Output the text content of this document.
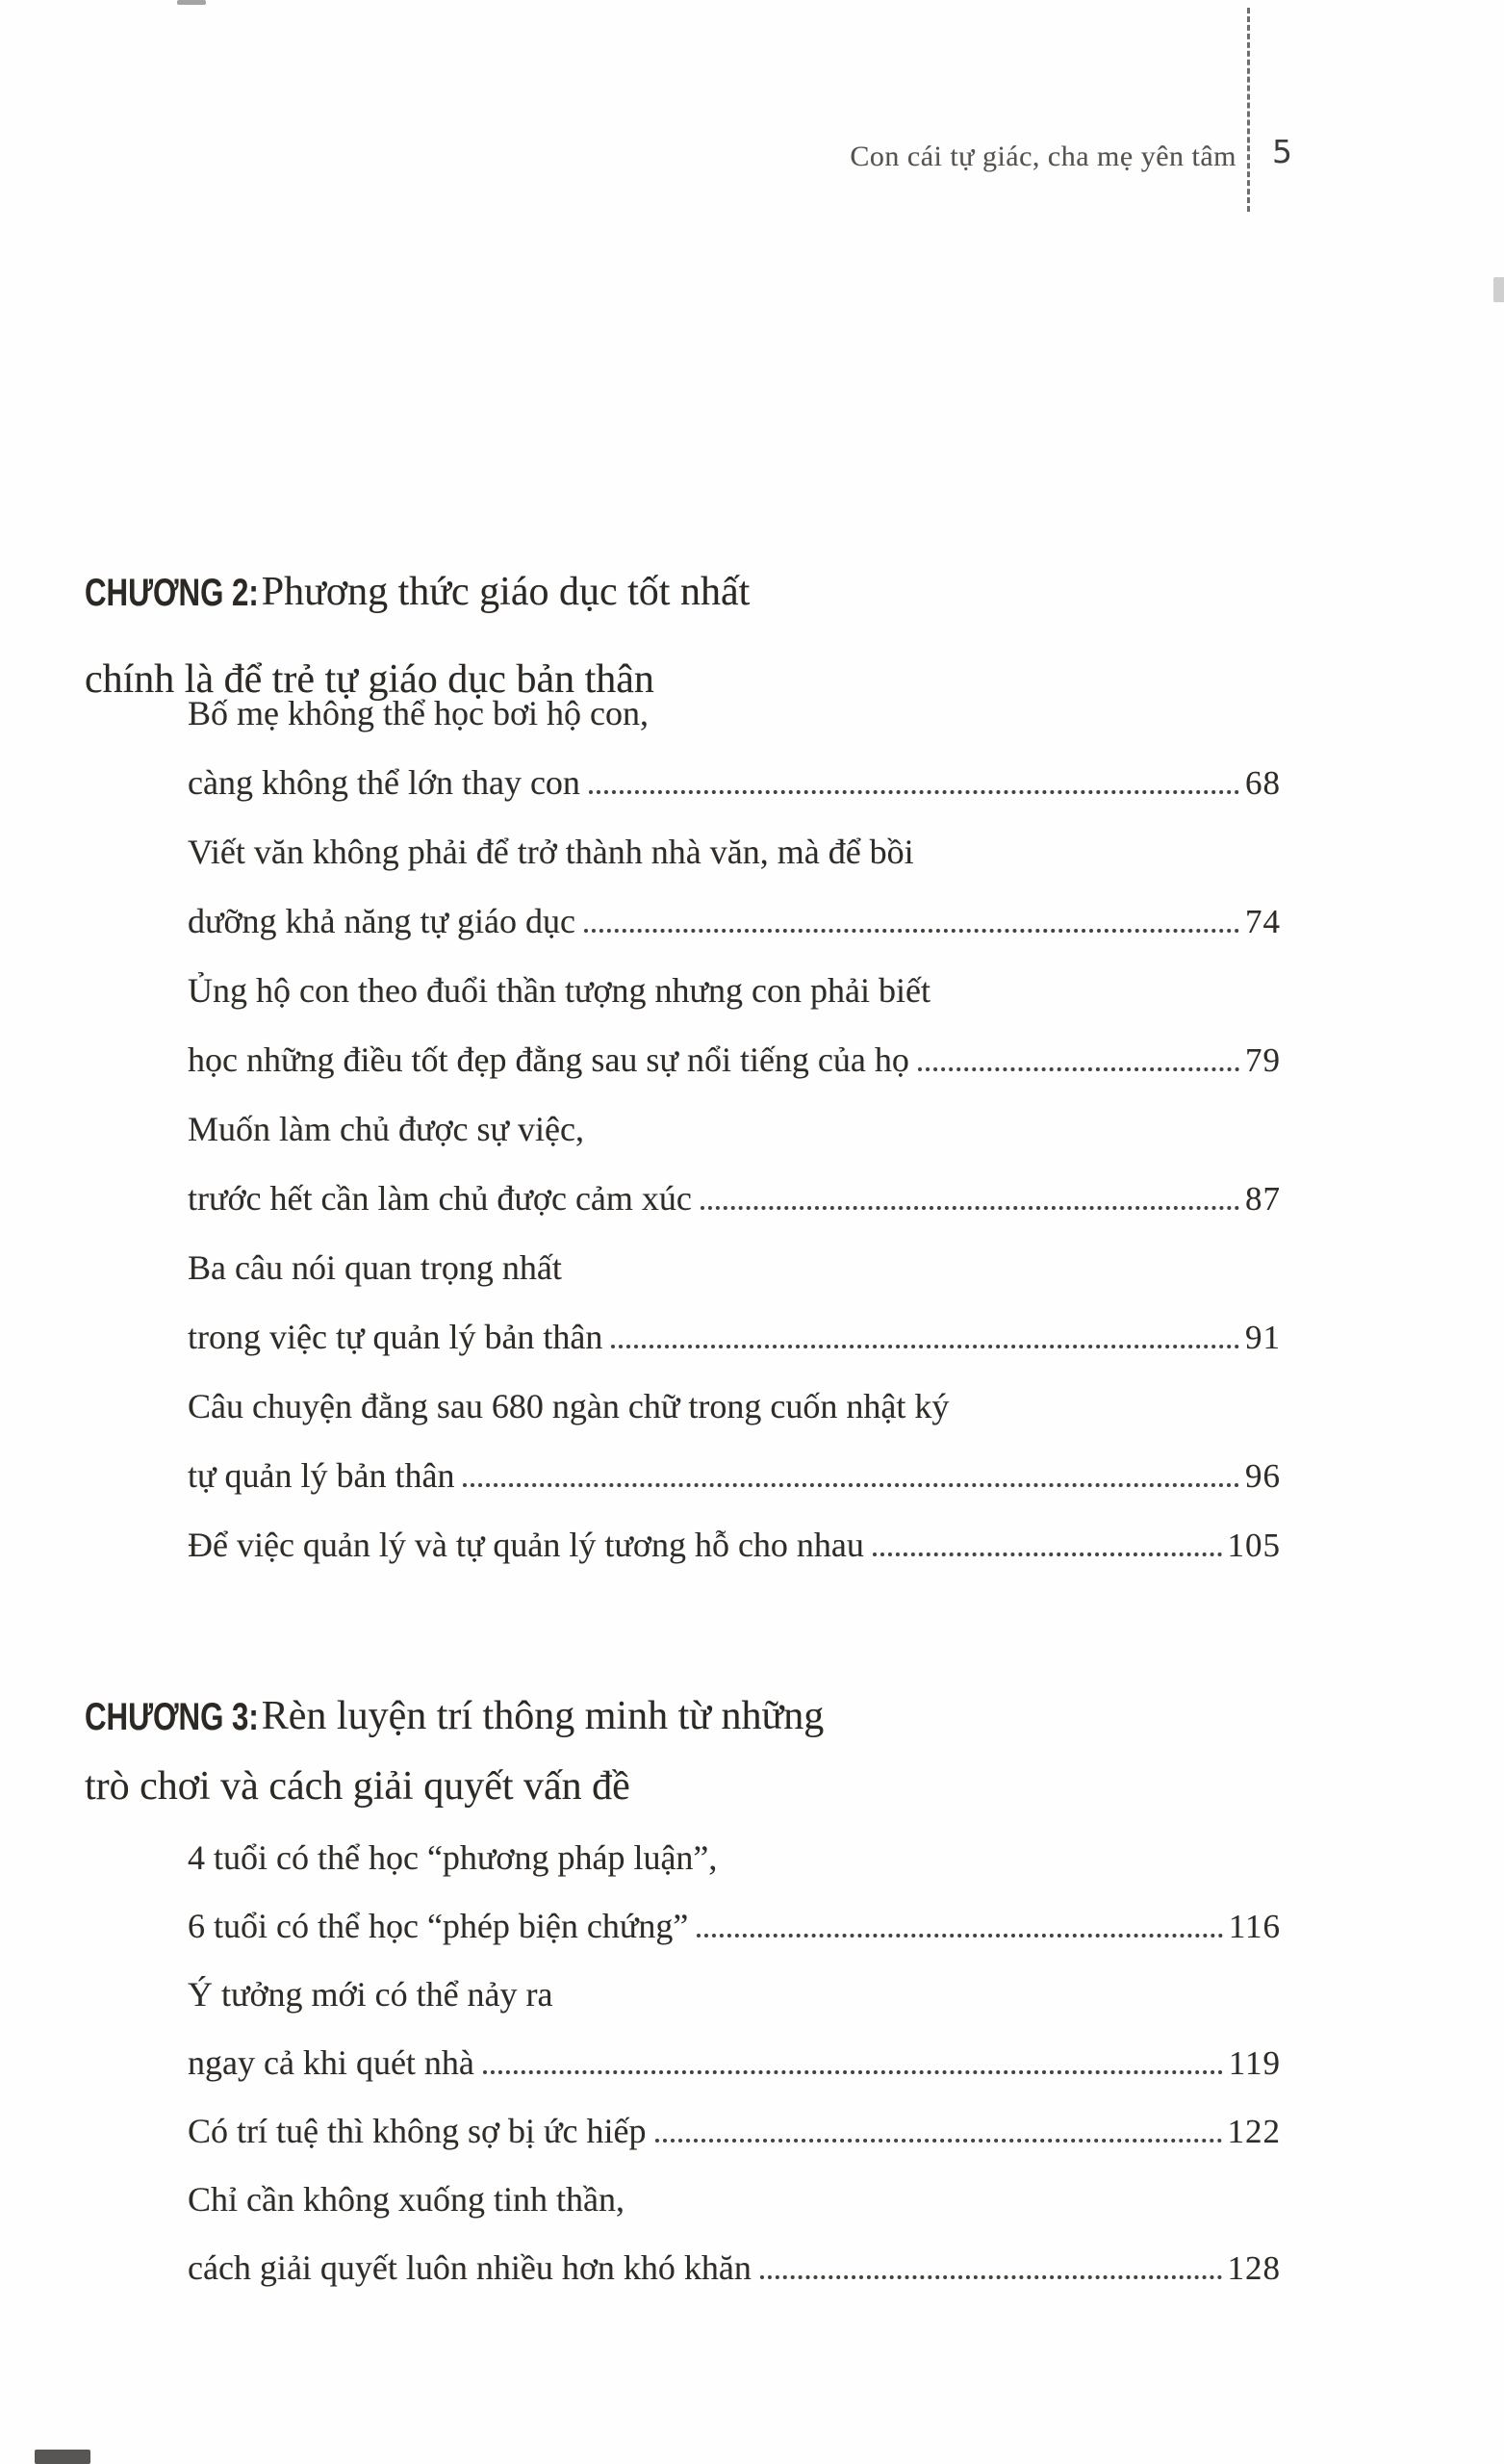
Con cái tự giác, cha mẹ yên tâm 5
CHƯƠNG 2: Phương thức giáo dục tốt nhất
chính là để trẻ tự giáo dục bản thân
Bố mẹ không thể học bơi hộ con,
càng không thể lớn thay con	68
Viết văn không phải để trở thành nhà văn, mà để bồi
dưỡng khả năng tự giáo dục	74
Ủng hộ con theo đuổi thần tượng nhưng con phải biết
học những điều tốt đẹp đằng sau sự nổi tiếng của họ	79
Muốn làm chủ được sự việc,
trước hết cần làm chủ được cảm xúc	87
Ba câu nói quan trọng nhất
trong việc tự quản lý bản thân	91
Câu chuyện đằng sau 680 ngàn chữ trong cuốn nhật ký
tự quản lý bản thân	96
Để việc quản lý và tự quản lý tương hỗ cho nhau	105
CHƯƠNG 3: Rèn luyện trí thông minh từ những
trò chơi và cách giải quyết vấn đề
4 tuổi có thể học “phương pháp luận”,
6 tuổi có thể học “phép biện chứng”	116
Ý tưởng mới có thể nảy ra
ngay cả khi quét nhà	119
Có trí tuệ thì không sợ bị ức hiếp	122
Chỉ cần không xuống tinh thần,
cách giải quyết luôn nhiều hơn khó khăn	128
